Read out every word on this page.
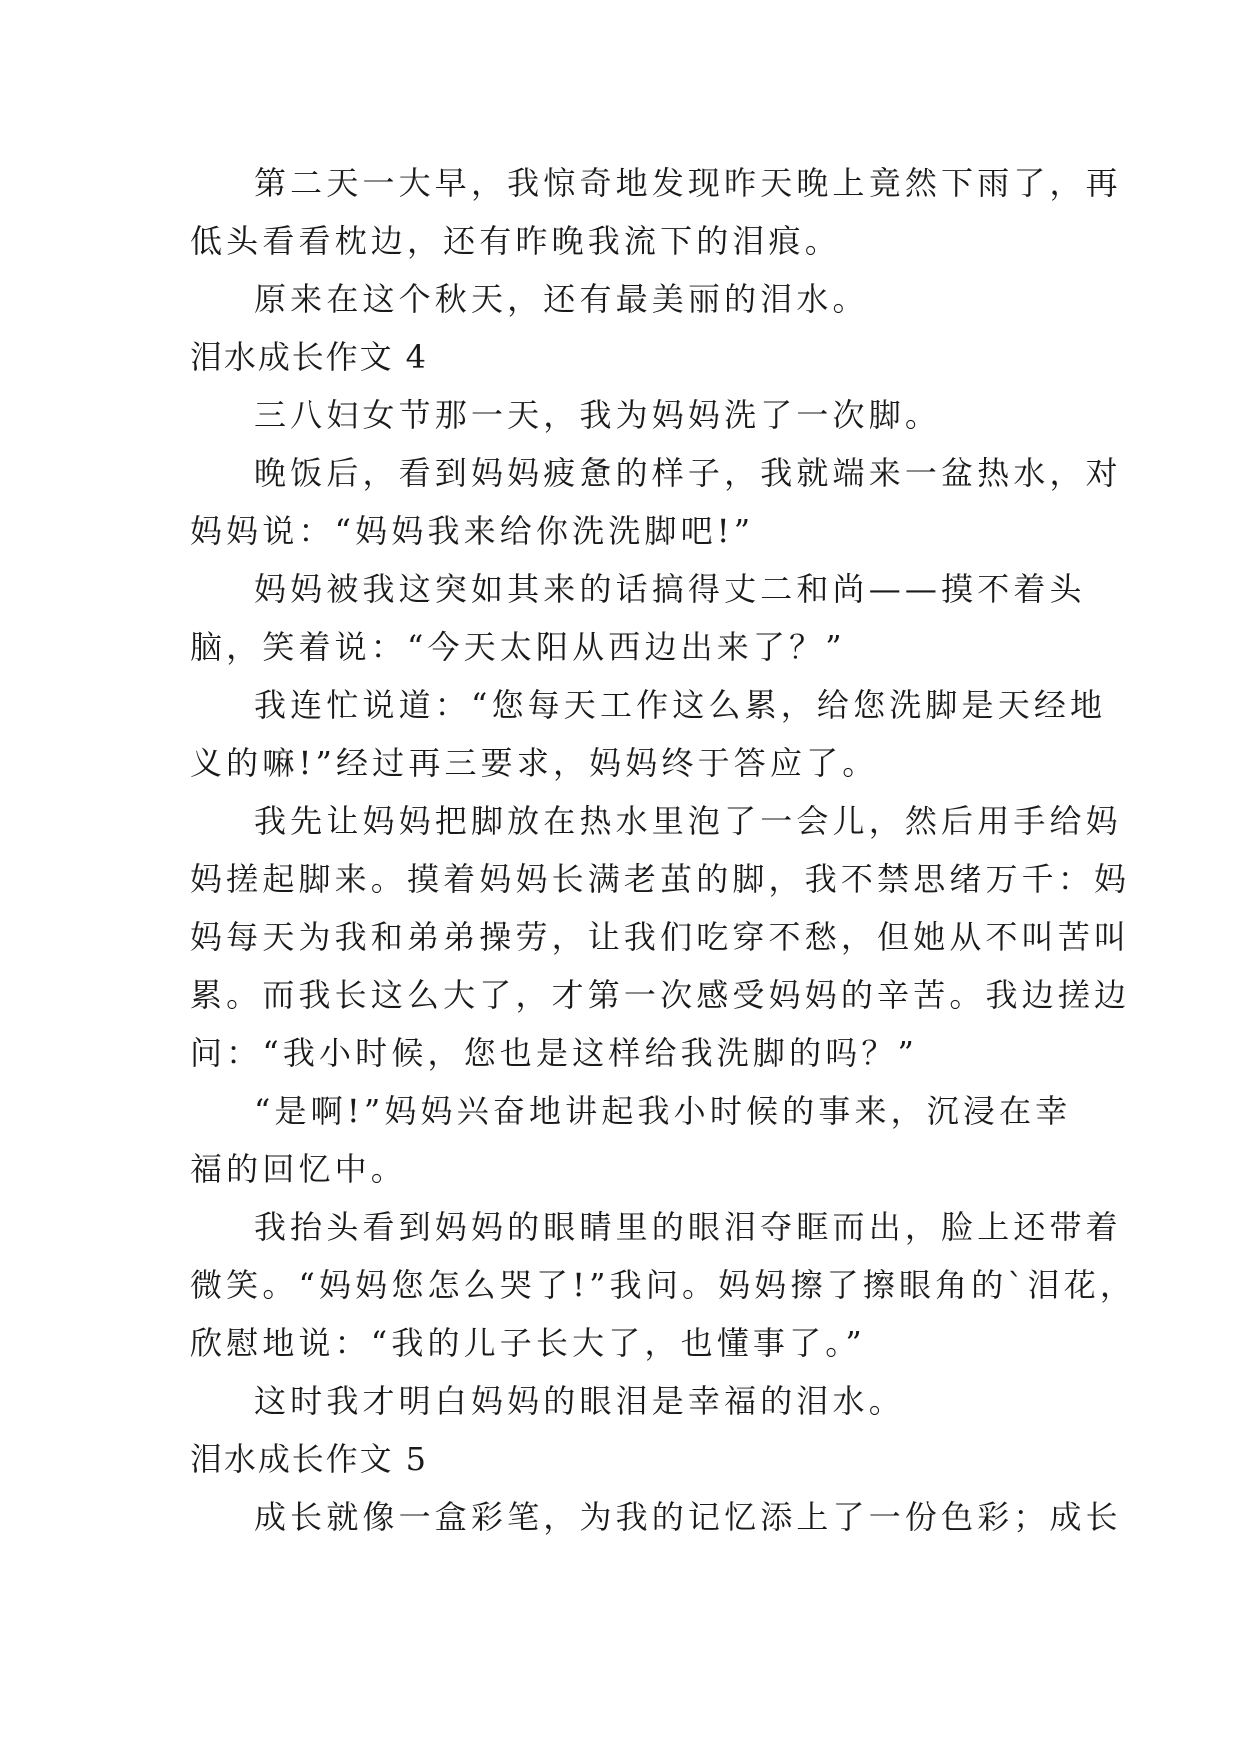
第二天一大早，我惊奇地发现昨天晚上竟然下雨了，再
低头看看枕边，还有昨晚我流下的泪痕。
原来在这个秋天，还有最美丽的泪水。
泪水成长作文 4
三八妇女节那一天，我为妈妈洗了一次脚。
晚饭后，看到妈妈疲惫的样子，我就端来一盆热水，对
妈妈说：“妈妈我来给你洗洗脚吧!”
妈妈被我这突如其来的话搞得丈二和尚——摸不着头
脑，笑着说：“今天太阳从西边出来了？”
我连忙说道：“您每天工作这么累，给您洗脚是天经地
义的嘛!”经过再三要求，妈妈终于答应了。
我先让妈妈把脚放在热水里泡了一会儿，然后用手给妈
妈搓起脚来。摸着妈妈长满老茧的脚，我不禁思绪万千：妈
妈每天为我和弟弟操劳，让我们吃穿不愁，但她从不叫苦叫
累。而我长这么大了，才第一次感受妈妈的辛苦。我边搓边
问：“我小时候，您也是这样给我洗脚的吗？”
“是啊!”妈妈兴奋地讲起我小时候的事来，沉浸在幸
福的回忆中。
我抬头看到妈妈的眼睛里的眼泪夺眶而出，脸上还带着
微笑。“妈妈您怎么哭了!”我问。妈妈擦了擦眼角的`泪花，
欣慰地说：“我的儿子长大了，也懂事了。”
这时我才明白妈妈的眼泪是幸福的泪水。
泪水成长作文 5
成长就像一盒彩笔，为我的记忆添上了一份色彩；成长
